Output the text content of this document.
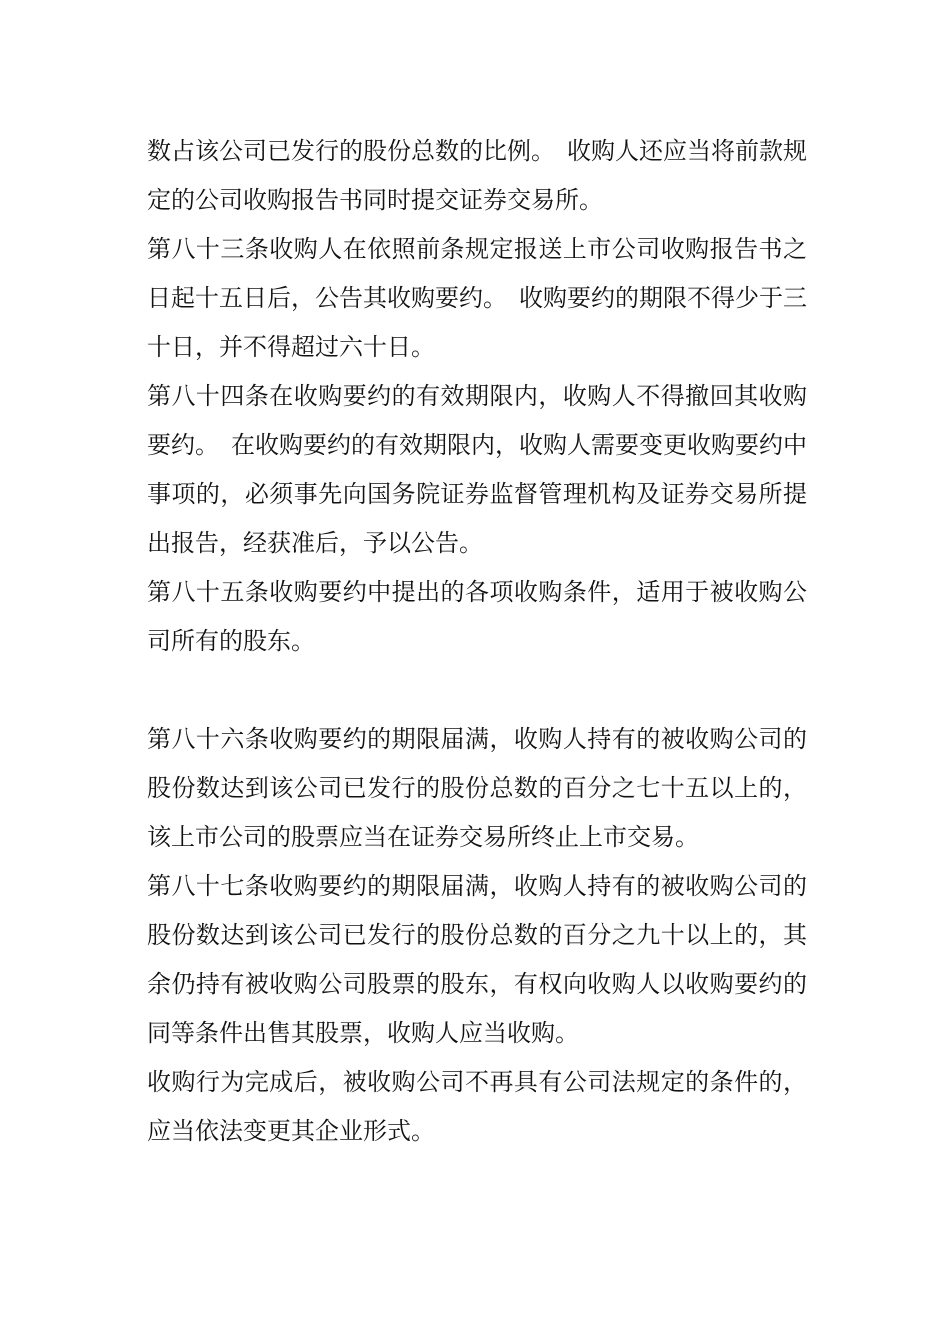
数占该公司已发行的股份总数的比例。　收购人还应当将前款规定的公司收购报告书同时提交证券交易所。

第八十三条收购人在依照前条规定报送上市公司收购报告书之日起十五日后，公告其收购要约。　收购要约的期限不得少于三十日，并不得超过六十日。

第八十四条在收购要约的有效期限内，收购人不得撤回其收购要约。　在收购要约的有效期限内，收购人需要变更收购要约中事项的，必须事先向国务院证券监督管理机构及证券交易所提出报告，经获准后，予以公告。

第八十五条收购要约中提出的各项收购条件，适用于被收购公司所有的股东。

第八十六条收购要约的期限届满，收购人持有的被收购公司的股份数达到该公司已发行的股份总数的百分之七十五以上的，该上市公司的股票应当在证券交易所终止上市交易。

第八十七条收购要约的期限届满，收购人持有的被收购公司的股份数达到该公司已发行的股份总数的百分之九十以上的，其余仍持有被收购公司股票的股东，有权向收购人以收购要约的同等条件出售其股票，收购人应当收购。

收购行为完成后，被收购公司不再具有公司法规定的条件的，应当依法变更其企业形式。
